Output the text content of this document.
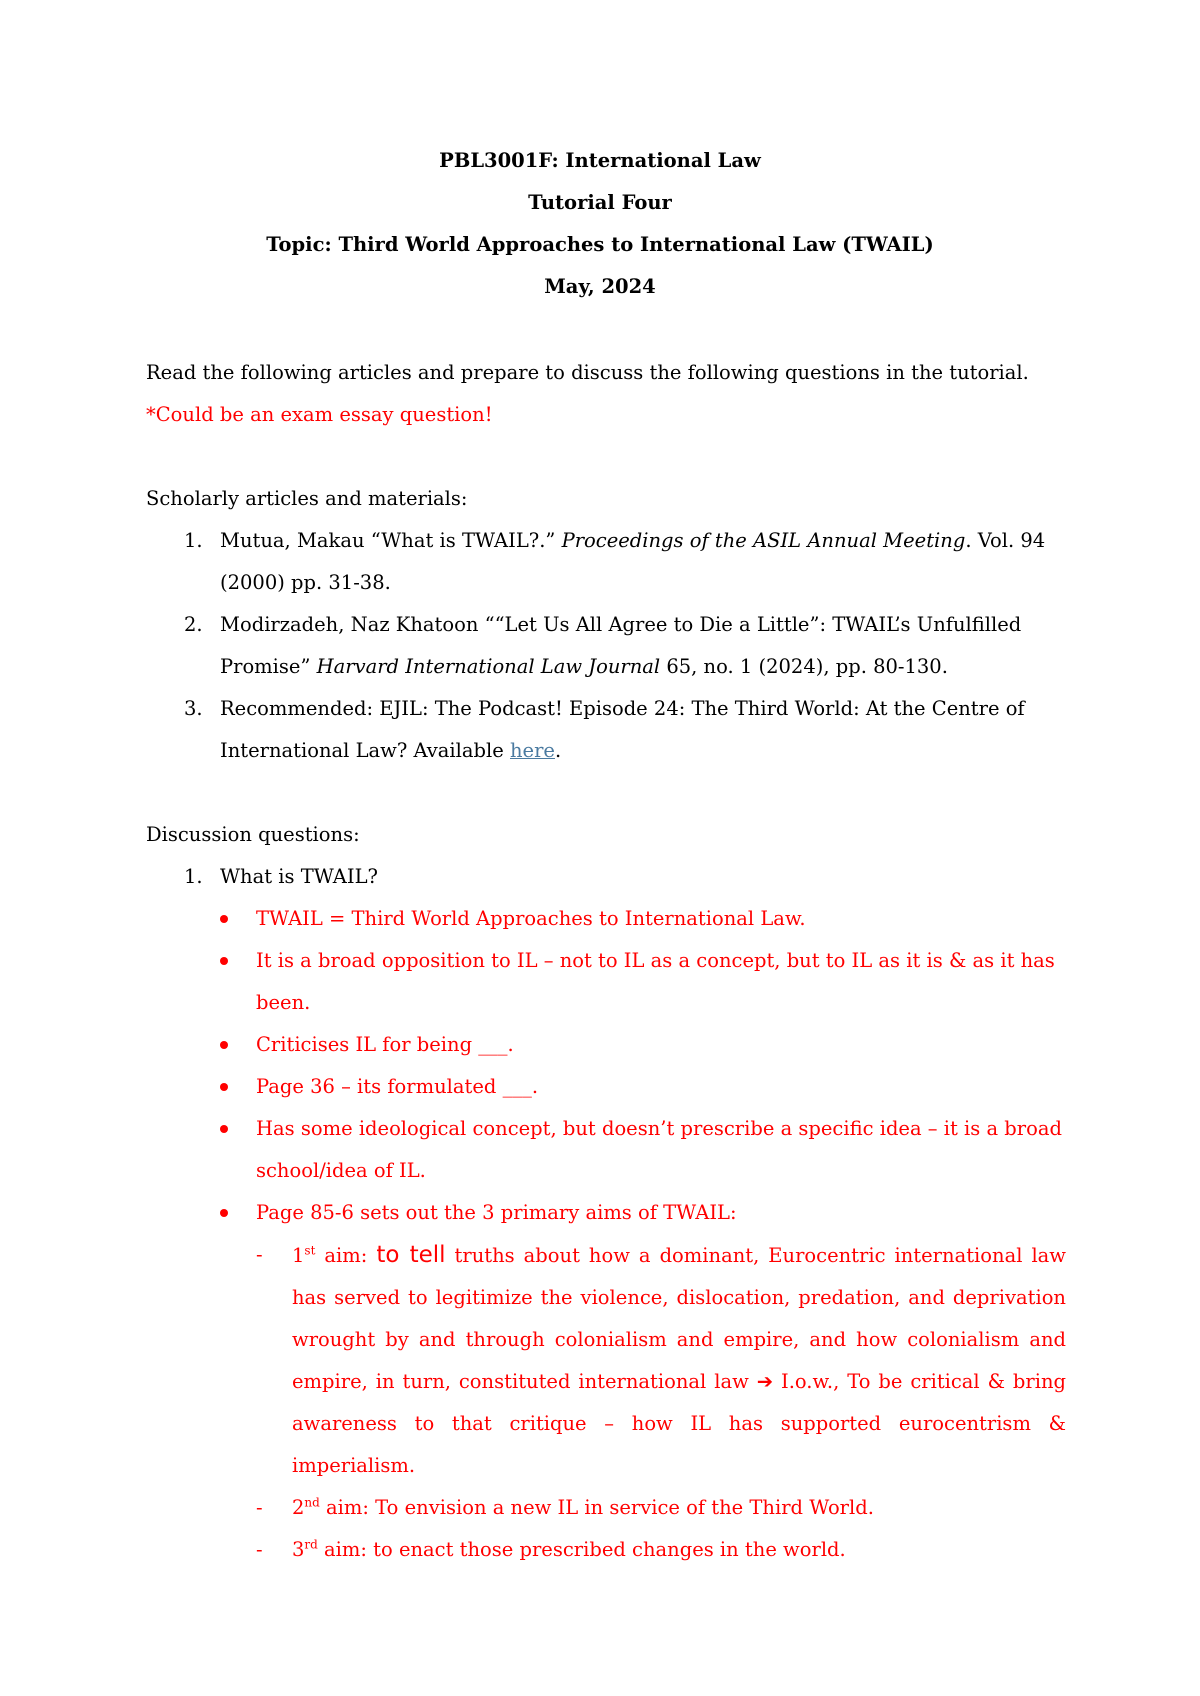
PBL3001F: International Law
Tutorial Four
Topic: Third World Approaches to International Law (TWAIL)
May, 2024
Read the following articles and prepare to discuss the following questions in the tutorial.
*Could be an exam essay question!
Scholarly articles and materials:
1. Mutua, Makau “What is TWAIL?.” Proceedings of the ASIL Annual Meeting. Vol. 94 (2000) pp. 31-38.
2. Modirzadeh, Naz Khatoon ““Let Us All Agree to Die a Little”: TWAIL’s Unfulfilled Promise” Harvard International Law Journal 65, no. 1 (2024), pp. 80-130.
3. Recommended: EJIL: The Podcast! Episode 24: The Third World: At the Centre of International Law? Available here.
Discussion questions:
1. What is TWAIL?
TWAIL = Third World Approaches to International Law.
It is a broad opposition to IL – not to IL as a concept, but to IL as it is & as it has been.
Criticises IL for being ___.
Page 36 – its formulated ___.
Has some ideological concept, but doesn’t prescribe a specific idea – it is a broad school/idea of IL.
Page 85-6 sets out the 3 primary aims of TWAIL:
- 1st aim: to tell truths about how a dominant, Eurocentric international law has served to legitimize the violence, dislocation, predation, and deprivation wrought by and through colonialism and empire, and how colonialism and empire, in turn, constituted international law ➔ I.o.w., To be critical & bring awareness to that critique – how IL has supported eurocentrism & imperialism.
- 2nd aim: To envision a new IL in service of the Third World.
- 3rd aim: to enact those prescribed changes in the world.
